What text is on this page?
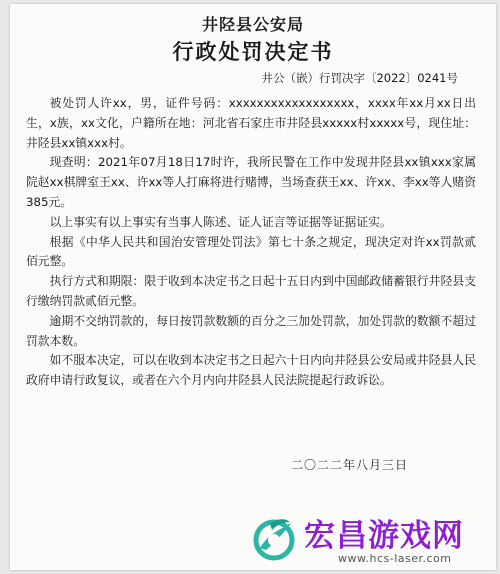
井陉县公安局
行政处罚决定书
井公（嵌）行罚决字〔2022〕0241号

被处罚人许xx，男，证件号码：xxxxxxxxxxxxxxxxxx，xxxx年xx月xx日出生，x族，xx文化，户籍所在地：河北省石家庄市井陉县xxxxx村xxxxx号，现住址：井陉县xx镇xxx村。

现查明：2021年07月18日17时许，我所民警在工作中发现井陉县xx镇xxx家属院赵xx棋牌室王xx、许xx等人打麻将进行赌博，当场查获王xx、许xx、李xx等人赌资385元。

以上事实有以上事实有当事人陈述、证人证言等证据等证据证实。

根据《中华人民共和国治安管理处罚法》第七十条之规定，现决定对许xx罚款贰佰元整。

执行方式和期限：限于收到本决定书之日起十五日内到中国邮政储蓄银行井陉县支行缴纳罚款贰佰元整。

逾期不交纳罚款的，每日按罚款数额的百分之三加处罚款，加处罚款的数额不超过罚款本数。

如不服本决定，可以在收到本决定书之日起六十日内向井陉县公安局或井陉县人民政府申请行政复议，或者在六个月内向井陉县人民法院提起行政诉讼。

二〇二二年八月三日
宏昌游戏网
www.hcs-laser.com
